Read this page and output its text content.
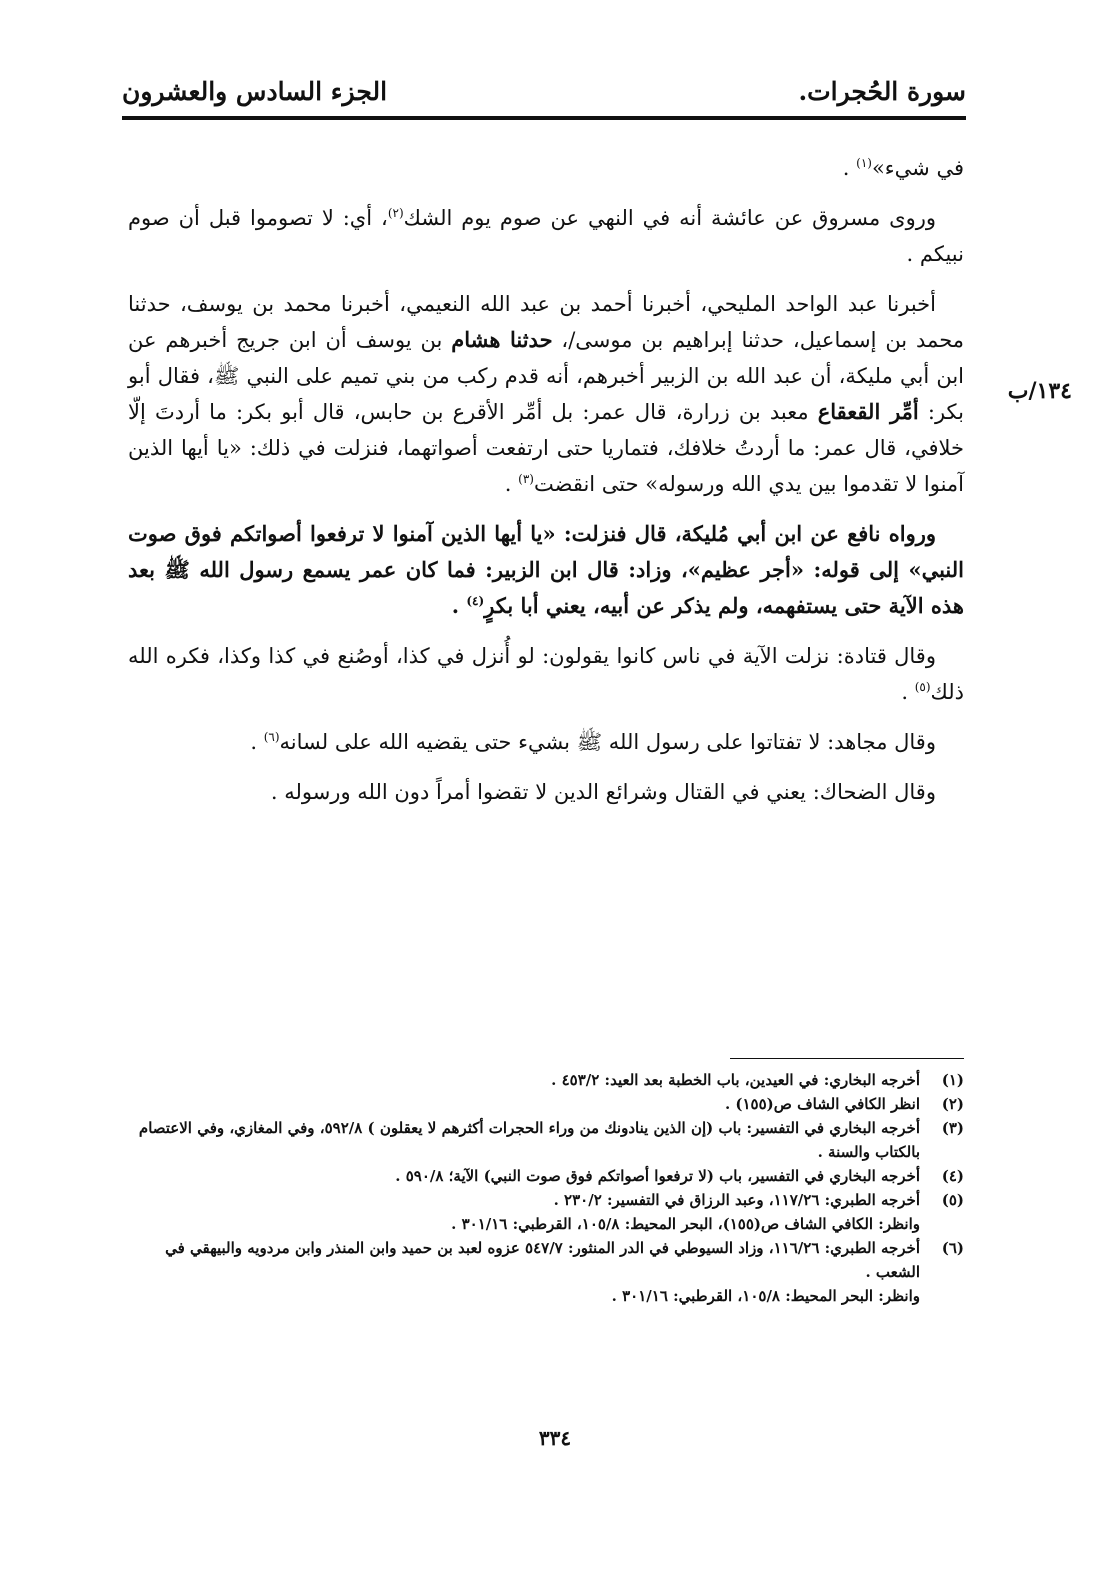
سورة الحُجرات.
الجزء السادس والعشرون
١٣٤/ب

في شيء»$^{(١)}$ .

وروى مسروق عن عائشة أنه في النهي عن صوم يوم الشك$^{(٢)}$، أي: لا تصوموا قبل أن صوم نبيكم .

أخبرنا عبد الواحد المليحي، أخبرنا أحمد بن عبد الله النعيمي، أخبرنا محمد بن يوسف، حدثنا محمد بن إسماعيل، حدثنا إبراهيم بن موسى/، حدثنا هشام بن يوسف أن ابن جريج أخبرهم عن ابن أبي مليكة، أن عبد الله بن الزبير أخبرهم، أنه قدم ركب من بني تميم على النبي ﷺ، فقال أبو بكر: أمِّر القعقاع معبد بن زرارة، قال عمر: بل أمِّر الأقرع بن حابس، قال أبو بكر: ما أردتَ إلّا خلافي، قال عمر: ما أردتُ خلافك، فتماريا حتى ارتفعت أصواتهما، فنزلت في ذلك: «يا أيها الذين آمنوا لا تقدموا بين يدي الله ورسوله» حتى انقضت$^{(٣)}$ .

ورواه نافع عن ابن أبي مُليكة، قال فنزلت: «يا أيها الذين آمنوا لا ترفعوا أصواتكم فوق صوت النبي» إلى قوله: «أجر عظيم»، وزاد: قال ابن الزبير: فما كان عمر يسمع رسول الله ﷺ بعد هذه الآية حتى يستفهمه، ولم يذكر عن أبيه، يعني أبا بكرٍ$^{(٤)}$ .

وقال قتادة: نزلت الآية في ناس كانوا يقولون: لو أُنزل في كذا، أوصُنع في كذا وكذا، فكره الله ذلك$^{(٥)}$ .

وقال مجاهد: لا تفتاتوا على رسول الله ﷺ بشيء حتى يقضيه الله على لسانه$^{(٦)}$ .

وقال الضحاك: يعني في القتال وشرائع الدين لا تقضوا أمراً دون الله ورسوله .

(١)
أخرجه البخاري: في العيدين، باب الخطبة بعد العيد: ٤٥٣/٢ .
(٢)
انظر الكافي الشاف ص(١٥٥) .
(٣)
أخرجه البخاري في التفسير: باب (إن الذين ينادونك من وراء الحجرات أكثرهم لا يعقلون ) ٥٩٢/٨، وفي المغازي، وفي الاعتصام بالكتاب والسنة .
(٤)
أخرجه البخاري في التفسير، باب (لا ترفعوا أصواتكم فوق صوت النبي) الآية؛ ٥٩٠/٨ .
(٥)
أخرجه الطبري: ١١٧/٢٦، وعبد الرزاق في التفسير: ٢٣٠/٢ .
وانظر: الكافي الشاف ص(١٥٥)، البحر المحيط: ١٠٥/٨، القرطبي: ٣٠١/١٦ .
(٦)
أخرجه الطبري: ١١٦/٢٦، وزاد السيوطي في الدر المنثور: ٥٤٧/٧ عزوه لعبد بن حميد وابن المنذر وابن مردويه والبيهقي في الشعب .
وانظر: البحر المحيط: ١٠٥/٨، القرطبي: ٣٠١/١٦ .
٣٣٤
